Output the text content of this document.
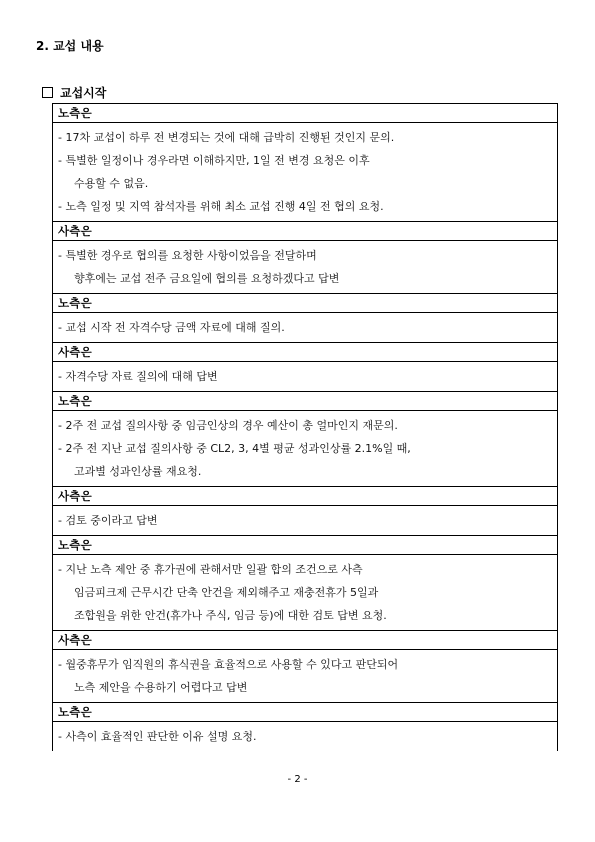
2. 교섭 내용
교섭시작
노측은
- 17차 교섭이 하루 전 변경되는 것에 대해 급박히 진행된 것인지 문의.
- 특별한 일정이나 경우라면 이해하지만, 1일 전 변경 요청은 이후
수용할 수 없음.
- 노측 일정 및 지역 참석자를 위해 최소 교섭 진행 4일 전 협의 요청.
사측은
- 특별한 경우로 협의를 요청한 사항이었음을 전달하며
향후에는 교섭 전주 금요일에 협의를 요청하겠다고 답변
노측은
- 교섭 시작 전 자격수당 금액 자료에 대해 질의.
사측은
- 자격수당 자료 질의에 대해 답변
노측은
- 2주 전 교섭 질의사항 중 임금인상의 경우 예산이 총 얼마인지 재문의.
- 2주 전 지난 교섭 질의사항 중 CL2, 3, 4별 평균 성과인상률 2.1%일 때,
고과별 성과인상률 재요청.
사측은
- 검토 중이라고 답변
노측은
- 지난 노측 제안 중 휴가권에 관해서만 일괄 합의 조건으로 사측
임금피크제 근무시간 단축 안건을 제외해주고 재충전휴가 5일과
조합원을 위한 안건(휴가나 주식, 임금 등)에 대한 검토 답변 요청.
사측은
- 월중휴무가 임직원의 휴식권을 효율적으로 사용할 수 있다고 판단되어
노측 제안을 수용하기 어렵다고 답변
노측은
- 사측이 효율적인 판단한 이유 설명 요청.
- 2 -
